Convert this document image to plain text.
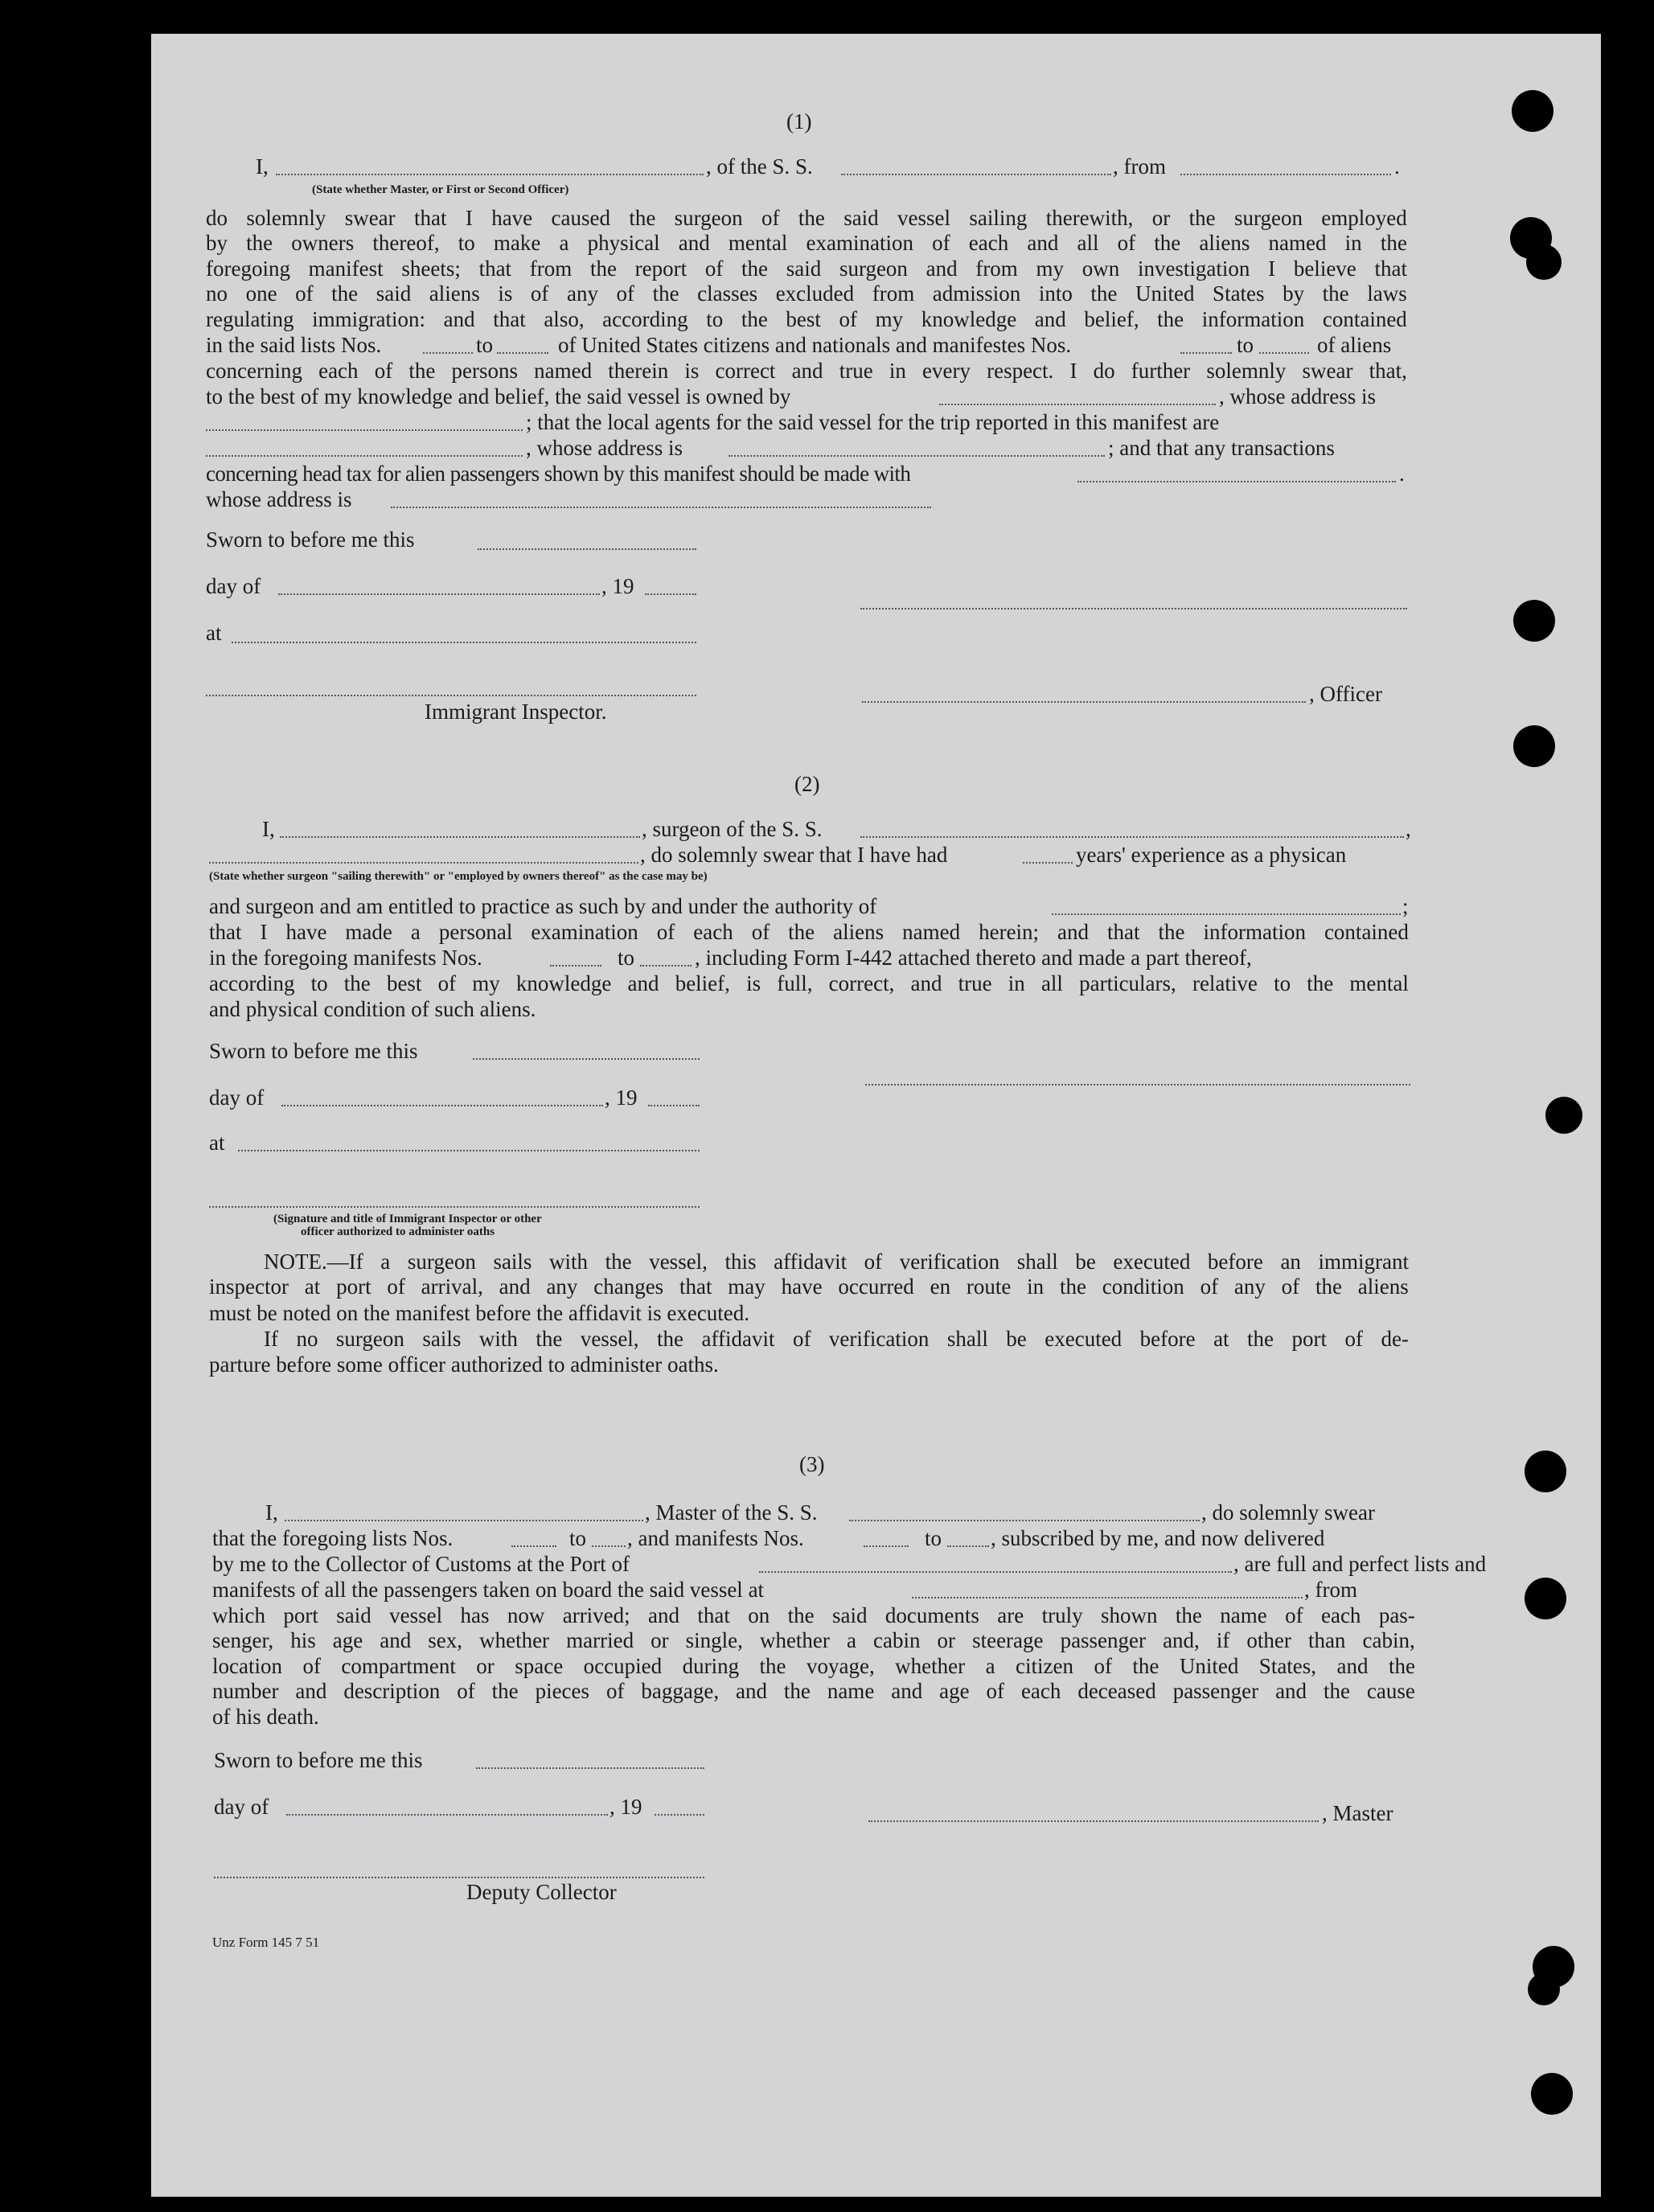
(1)
I,	, of the S. S.	, from	.
(State whether Master, or First or Second Officer)
do solemnly swear that I have caused the surgeon of the said vessel sailing therewith, or the surgeon employed
by the owners thereof, to make a physical and mental examination of each and all of the aliens named in the
foregoing manifest sheets; that from the report of the said surgeon and from my own investigation I believe that
no one of the said aliens is of any of the classes excluded from admission into the United States by the laws
regulating immigration: and that also, according to the best of my knowledge and belief, the information contained
in the said lists Nos.	to	of United States citizens and nationals and manifestes Nos.	to	of aliens
concerning each of the persons named therein is correct and true in every respect. I do further solemnly swear that,
to the best of my knowledge and belief, the said vessel is owned by	, whose address is
; that the local agents for the said vessel for the trip reported in this manifest are
, whose address is	; and that any transactions
concerning head tax for alien passengers shown by this manifest should be made with	.
whose address is
Sworn to before me this
day of	, 19
at
, Officer
Immigrant Inspector.
(2)
I,	, surgeon of the S. S.	,
, do solemnly swear that I have had	years' experience as a physican
(State whether surgeon "sailing therewith" or "employed by owners thereof" as the case may be)
and surgeon and am entitled to practice as such by and under the authority of	;
that I have made a personal examination of each of the aliens named herein; and that the information contained
in the foregoing manifests Nos.	to	, including Form I-442 attached thereto and made a part thereof,
according to the best of my knowledge and belief, is full, correct, and true in all particulars, relative to the mental
and physical condition of such aliens.
Sworn to before me this
day of	, 19
at
(Signature and title of Immigrant Inspector or other
officer authorized to administer oaths
NOTE.—If a surgeon sails with the vessel, this affidavit of verification shall be executed before an immigrant
inspector at port of arrival, and any changes that may have occurred en route in the condition of any of the aliens
must be noted on the manifest before the affidavit is executed.
If no surgeon sails with the vessel, the affidavit of verification shall be executed before at the port of de-
parture before some officer authorized to administer oaths.
(3)
I,	, Master of the S. S.	, do solemnly swear
that the foregoing lists Nos.	to , and manifests Nos.	to , subscribed by me, and now delivered
by me to the Collector of Customs at the Port of	, are full and perfect lists and
manifests of all the passengers taken on board the said vessel at	, from
which port said vessel has now arrived; and that on the said documents are truly shown the name of each pas-
senger, his age and sex, whether married or single, whether a cabin or steerage passenger and, if other than cabin,
location of compartment or space occupied during the voyage, whether a citizen of the United States, and the
number and description of the pieces of baggage, and the name and age of each deceased passenger and the cause
of his death.
Sworn to before me this
day of	, 19	, Master
Deputy Collector
Unz Form 145 7 51
